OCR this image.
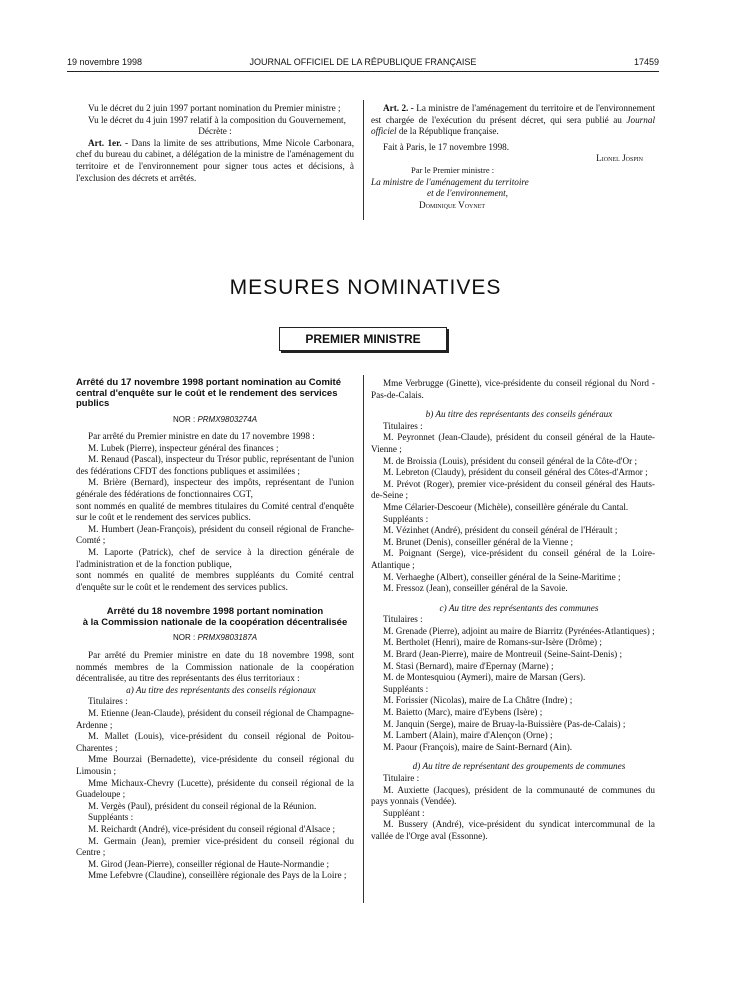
19 novembre 1998	JOURNAL OFFICIEL DE LA RÉPUBLIQUE FRANÇAISE	17459

Vu le décret du 2 juin 1997 portant nomination du Premier ministre ;

Vu le décret du 4 juin 1997 relatif à la composition du Gouvernement,

Décrète :

Art. 1er. - Dans la limite de ses attributions, Mme Nicole Carbonara, chef du bureau du cabinet, a délégation de la ministre de l'aménagement du territoire et de l'environnement pour signer tous actes et décisions, à l'exclusion des décrets et arrêtés.

Art. 2. - La ministre de l'aménagement du territoire et de l'environnement est chargée de l'exécution du présent décret, qui sera publié au Journal officiel de la République française.

Fait à Paris, le 17 novembre 1998.

Lionel Jospin

Par le Premier ministre :

La ministre de l'aménagement du territoire

et de l'environnement,

Dominique Voynet

MESURES NOMINATIVES
PREMIER MINISTRE
Arrêté du 17 novembre 1998 portant nomination au Comité central d'enquête sur le coût et le rendement des services publics
NOR : PRMX9803274A

Par arrêté du Premier ministre en date du 17 novembre 1998 :

M. Lubek (Pierre), inspecteur général des finances ;

M. Renaud (Pascal), inspecteur du Trésor public, représentant de l'union des fédérations CFDT des fonctions publiques et assimilées ;

M. Brière (Bernard), inspecteur des impôts, représentant de l'union générale des fédérations de fonctionnaires CGT,

sont nommés en qualité de membres titulaires du Comité central d'enquête sur le coût et le rendement des services publics.

M. Humbert (Jean-François), président du conseil régional de Franche-Comté ;

M. Laporte (Patrick), chef de service à la direction générale de l'administration et de la fonction publique,

sont nommés en qualité de membres suppléants du Comité central d'enquête sur le coût et le rendement des services publics.

Arrêté du 18 novembre 1998 portant nomination
à la Commission nationale de la coopération décentralisée
NOR : PRMX9803187A

Par arrêté du Premier ministre en date du 18 novembre 1998, sont nommés membres de la Commission nationale de la coopération décentralisée, au titre des représentants des élus territoriaux :

a) Au titre des représentants des conseils régionaux

Titulaires :

M. Etienne (Jean-Claude), président du conseil régional de Champagne-Ardenne ;

M. Mallet (Louis), vice-président du conseil régional de Poitou-Charentes ;

Mme Bourzai (Bernadette), vice-présidente du conseil régional du Limousin ;

Mme Michaux-Chevry (Lucette), présidente du conseil régional de la Guadeloupe ;

M. Vergès (Paul), président du conseil régional de la Réunion.

Suppléants :

M. Reichardt (André), vice-président du conseil régional d'Alsace ;

M. Germain (Jean), premier vice-président du conseil régional du Centre ;

M. Girod (Jean-Pierre), conseiller régional de Haute-Normandie ;

Mme Lefebvre (Claudine), conseillère régionale des Pays de la Loire ;

Mme Verbrugge (Ginette), vice-présidente du conseil régional du Nord - Pas-de-Calais.

b) Au titre des représentants des conseils généraux

Titulaires :

M. Peyronnet (Jean-Claude), président du conseil général de la Haute-Vienne ;

M. de Broissia (Louis), président du conseil général de la Côte-d'Or ;

M. Lebreton (Claudy), président du conseil général des Côtes-d'Armor ;

M. Prévot (Roger), premier vice-président du conseil général des Hauts-de-Seine ;

Mme Célarier-Descoeur (Michèle), conseillère générale du Cantal.

Suppléants :

M. Vézinhet (André), président du conseil général de l'Hérault ;

M. Brunet (Denis), conseiller général de la Vienne ;

M. Poignant (Serge), vice-président du conseil général de la Loire-Atlantique ;

M. Verhaeghe (Albert), conseiller général de la Seine-Maritime ;

M. Fressoz (Jean), conseiller général de la Savoie.

c) Au titre des représentants des communes

Titulaires :

M. Grenade (Pierre), adjoint au maire de Biarritz (Pyrénées-Atlantiques) ;

M. Bertholet (Henri), maire de Romans-sur-Isère (Drôme) ;

M. Brard (Jean-Pierre), maire de Montreuil (Seine-Saint-Denis) ;

M. Stasi (Bernard), maire d'Epernay (Marne) ;

M. de Montesquiou (Aymeri), maire de Marsan (Gers).

Suppléants :

M. Forissier (Nicolas), maire de La Châtre (Indre) ;

M. Baietto (Marc), maire d'Eybens (Isère) ;

M. Janquin (Serge), maire de Bruay-la-Buissière (Pas-de-Calais) ;

M. Lambert (Alain), maire d'Alençon (Orne) ;

M. Paour (François), maire de Saint-Bernard (Ain).

d) Au titre de représentant des groupements de communes

Titulaire :

M. Auxiette (Jacques), président de la communauté de communes du pays yonnais (Vendée).

Suppléant :

M. Bussery (André), vice-président du syndicat intercommunal de la vallée de l'Orge aval (Essonne).
